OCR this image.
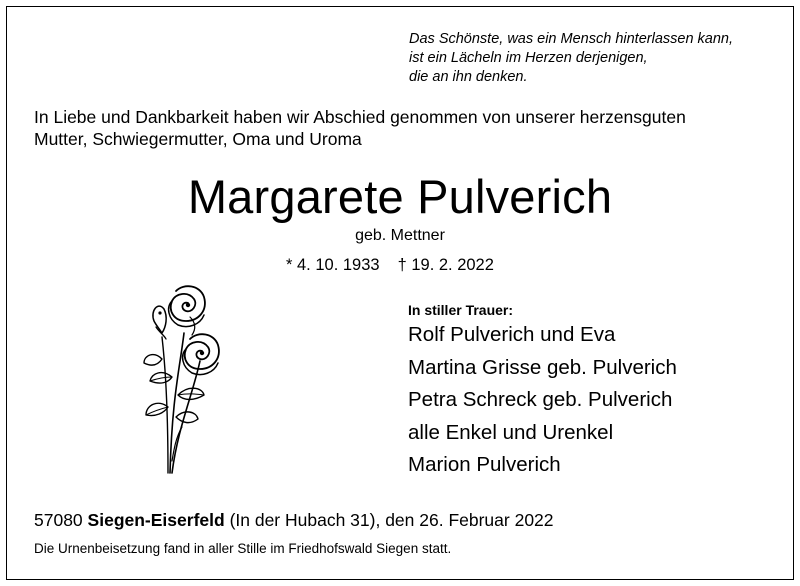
Das Schönste, was ein Mensch hinterlassen kann,
ist ein Lächeln im Herzen derjenigen,
die an ihn denken.
In Liebe und Dankbarkeit haben wir Abschied genommen von unserer herzensguten
Mutter, Schwiegermutter, Oma und Uroma
Margarete Pulverich
geb. Mettner
* 4. 10. 1933 † 19. 2. 2022
In stiller Trauer:
Rolf Pulverich und Eva
Martina Grisse geb. Pulverich
Petra Schreck geb. Pulverich
alle Enkel und Urenkel
Marion Pulverich
57080 Siegen-Eiserfeld (In der Hubach 31), den 26. Februar 2022
Die Urnenbeisetzung fand in aller Stille im Friedhofswald Siegen statt.
